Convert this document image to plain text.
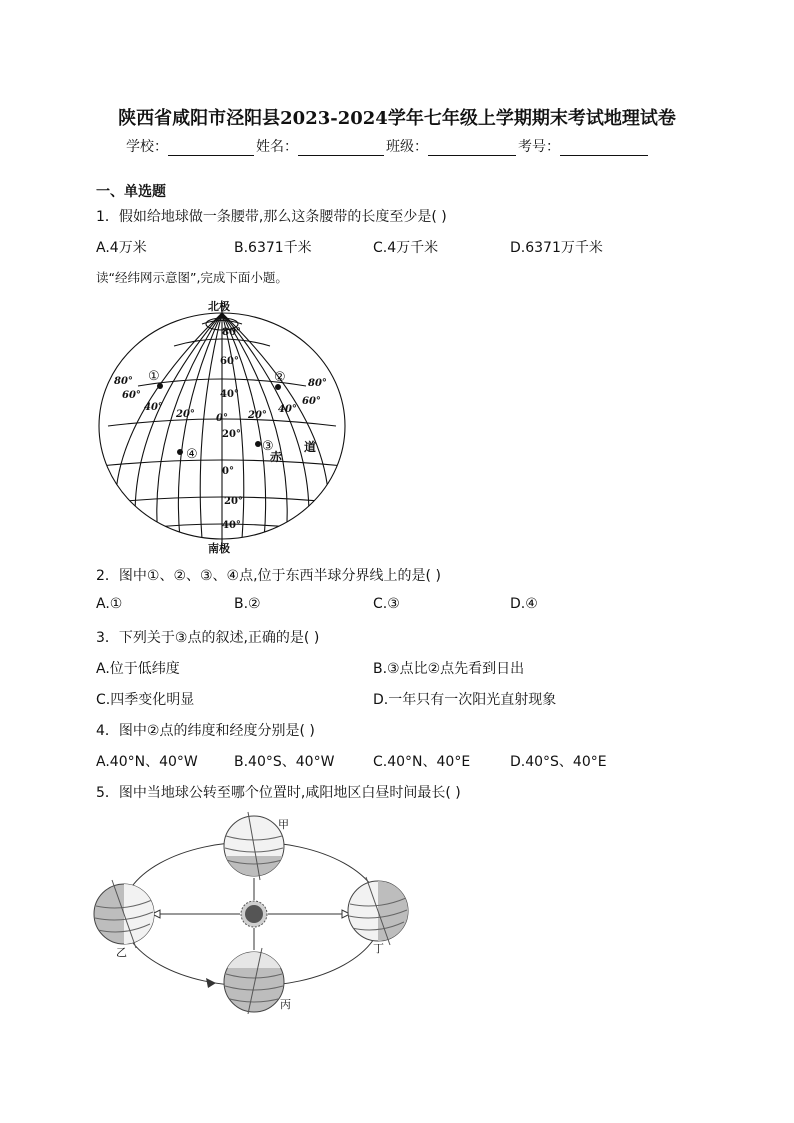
陕西省咸阳市泾阳县2023-2024学年七年级上学期期末考试地理试卷
学校：	姓名：	班级：	考号：
一、单选题
1．假如给地球做一条腰带,那么这条腰带的长度至少是( )
A.4万米	B.6371千米	C.4万千米	D.6371万千米
读“经纬网示意图”,完成下面小题。
北极
南极
80°
60°
40°
20°
0°
20°
40°
80°
60°
40°
20° 0°
80°
60°
40°
20°
①	②
③
④	赤
道
2．图中①、②、③、④点,位于东西半球分界线上的是( )
A.①	B.②	C.③	D.④
3．下列关于③点的叙述,正确的是( )
A.位于低纬度	B.③点比②点先看到日出
C.四季变化明显	D.一年只有一次阳光直射现象
4．图中②点的纬度和经度分别是( )
A.40°N、40°W	B.40°S、40°W	C.40°N、40°E	D.40°S、40°E
5．图中当地球公转至哪个位置时,咸阳地区白昼时间最长( )
甲
乙
丙
丁
